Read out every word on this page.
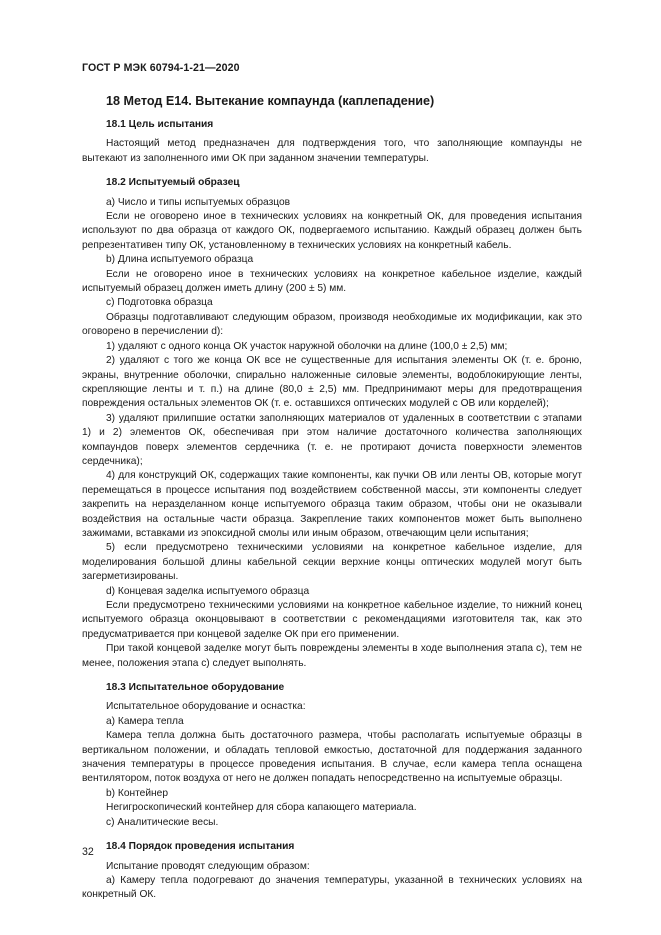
ГОСТ Р МЭК 60794-1-21—2020
18 Метод E14. Вытекание компаунда (каплепадение)
18.1 Цель испытания

Настоящий метод предназначен для подтверждения того, что заполняющие компаунды не вытекают из заполненного ими ОК при заданном значении температуры.

18.2 Испытуемый образец

а) Число и типы испытуемых образцов

Если не оговорено иное в технических условиях на конкретный ОК, для проведения испытания используют по два образца от каждого ОК, подвергаемого испытанию. Каждый образец должен быть репрезентативен типу ОК, установленному в технических условиях на конкретный кабель.

b) Длина испытуемого образца

Если не оговорено иное в технических условиях на конкретное кабельное изделие, каждый испытуемый образец должен иметь длину (200 ± 5) мм.

c) Подготовка образца

Образцы подготавливают следующим образом, производя необходимые их модификации, как это оговорено в перечислении d):

1) удаляют с одного конца ОК участок наружной оболочки на длине (100,0 ± 2,5) мм;

2) удаляют с того же конца ОК все не существенные для испытания элементы ОК (т. е. броню, экраны, внутренние оболочки, спирально наложенные силовые элементы, водоблокирующие ленты, скрепляющие ленты и т. п.) на длине (80,0 ± 2,5) мм. Предпринимают меры для предотвращения повреждения остальных элементов ОК (т. е. оставшихся оптических модулей с ОВ или корделей);

3) удаляют прилипшие остатки заполняющих материалов от удаленных в соответствии с этапами 1) и 2) элементов ОК, обеспечивая при этом наличие достаточного количества заполняющих компаундов поверх элементов сердечника (т. е. не протирают дочиста поверхности элементов сердечника);

4) для конструкций ОК, содержащих такие компоненты, как пучки ОВ или ленты ОВ, которые могут перемещаться в процессе испытания под воздействием собственной массы, эти компоненты следует закрепить на неразделанном конце испытуемого образца таким образом, чтобы они не оказывали воздействия на остальные части образца. Закрепление таких компонентов может быть выполнено зажимами, вставками из эпоксидной смолы или иным образом, отвечающим цели испытания;

5) если предусмотрено техническими условиями на конкретное кабельное изделие, для моделирования большой длины кабельной секции верхние концы оптических модулей могут быть загерметизированы.

d) Концевая заделка испытуемого образца

Если предусмотрено техническими условиями на конкретное кабельное изделие, то нижний конец испытуемого образца оконцовывают в соответствии с рекомендациями изготовителя так, как это предусматривается при концевой заделке ОК при его применении.

При такой концевой заделке могут быть повреждены элементы в ходе выполнения этапа с), тем не менее, положения этапа с) следует выполнять.

18.3 Испытательное оборудование

Испытательное оборудование и оснастка:

а) Камера тепла

Камера тепла должна быть достаточного размера, чтобы располагать испытуемые образцы в вертикальном положении, и обладать тепловой емкостью, достаточной для поддержания заданного значения температуры в процессе проведения испытания. В случае, если камера тепла оснащена вентилятором, поток воздуха от него не должен попадать непосредственно на испытуемые образцы.

b) Контейнер

Негигроскопический контейнер для сбора капающего материала.

c) Аналитические весы.

18.4 Порядок проведения испытания

Испытание проводят следующим образом:

а) Камеру тепла подогревают до значения температуры, указанной в технических условиях на конкретный ОК.

32
